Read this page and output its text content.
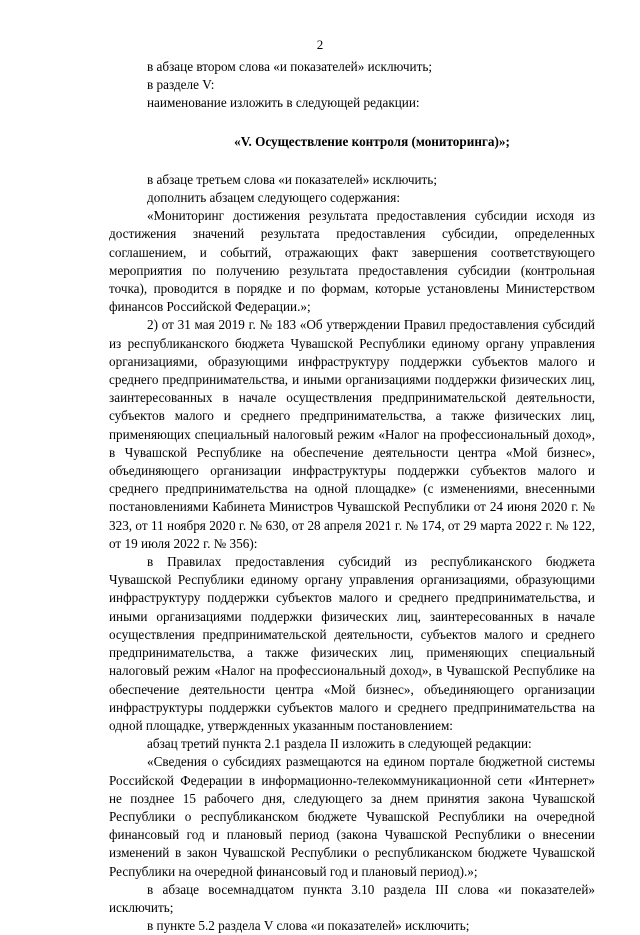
2

в абзаце втором слова «и показателей» исключить;

в разделе V:

наименование изложить в следующей редакции:

«V. Осуществление контроля (мониторинга)»;

в абзаце третьем слова «и показателей» исключить;

дополнить абзацем следующего содержания:

«Мониторинг достижения результата предоставления субсидии исходя из достижения значений результата предоставления субсидии, определенных соглашением, и событий, отражающих факт завершения соответствующего мероприятия по получению результата предоставления субсидии (контрольная точка), проводится в порядке и по формам, которые установлены Министерством финансов Российской Федерации.»;

2) от 31 мая 2019 г. № 183 «Об утверждении Правил предоставления субсидий из республиканского бюджета Чувашской Республики единому органу управления организациями, образующими инфраструктуру поддержки субъектов малого и среднего предпринимательства, и иными организациями поддержки физических лиц, заинтересованных в начале осуществления предпринимательской деятельности, субъектов малого и среднего предпринимательства, а также физических лиц, применяющих специальный налоговый режим «Налог на профессиональный доход», в Чувашской Республике на обеспечение деятельности центра «Мой бизнес», объединяющего организации инфраструктуры поддержки субъектов малого и среднего предпринимательства на одной площадке» (с изменениями, внесенными постановлениями Кабинета Министров Чувашской Республики от 24 июня 2020 г. № 323, от 11 ноября 2020 г. № 630, от 28 апреля 2021 г. № 174, от 29 марта 2022 г. № 122, от 19 июля 2022 г. № 356):

в Правилах предоставления субсидий из республиканского бюджета Чувашской Республики единому органу управления организациями, образующими инфраструктуру поддержки субъектов малого и среднего предпринимательства, и иными организациями поддержки физических лиц, заинтересованных в начале осуществления предпринимательской деятельности, субъектов малого и среднего предпринимательства, а также физических лиц, применяющих специальный налоговый режим «Налог на профессиональный доход», в Чувашской Республике на обеспечение деятельности центра «Мой бизнес», объединяющего организации инфраструктуры поддержки субъектов малого и среднего предпринимательства на одной площадке, утвержденных указанным постановлением:

абзац третий пункта 2.1 раздела II изложить в следующей редакции:

«Сведения о субсидиях размещаются на едином портале бюджетной системы Российской Федерации в информационно-телекоммуникационной сети «Интернет» не позднее 15 рабочего дня, следующего за днем принятия закона Чувашской Республики о республиканском бюджете Чувашской Республики на очередной финансовый год и плановый период (закона Чувашской Республики о внесении изменений в закон Чувашской Республики о республиканском бюджете Чувашской Республики на очередной финансовый год и плановый период).»;

в абзаце восемнадцатом пункта 3.10 раздела III слова «и показателей» исключить;

в пункте 5.2 раздела V слова «и показателей» исключить;
